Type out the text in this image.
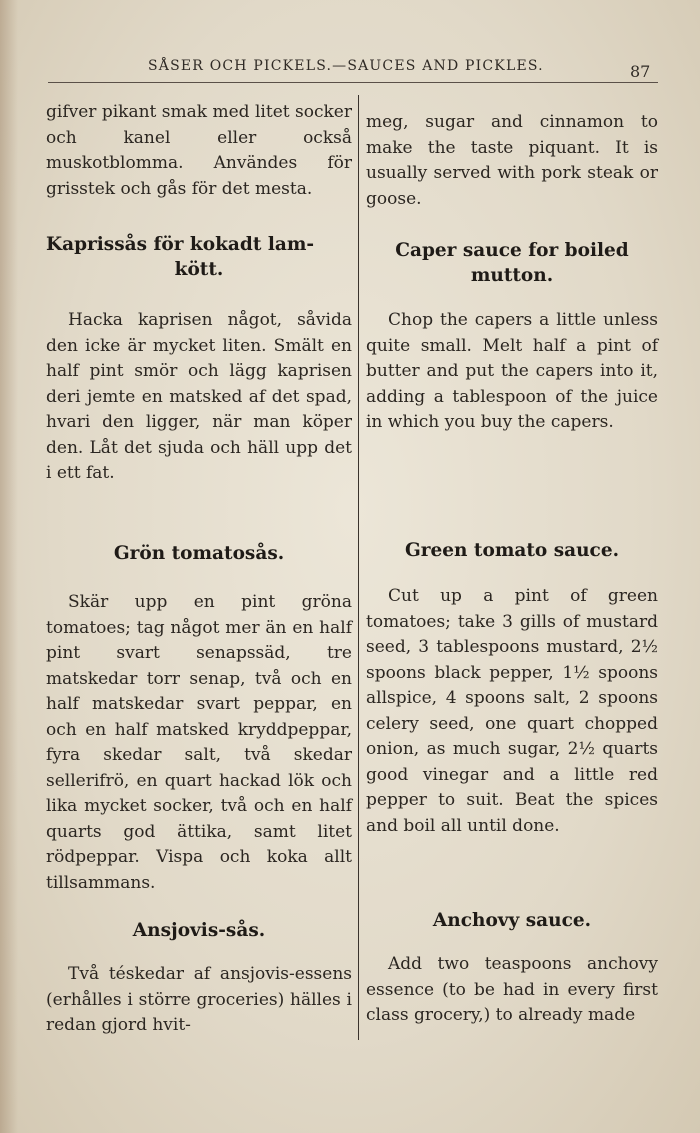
SÅSER OCH PICKELS.—SAUCES AND PICKLES.	87

gifver pikant smak med litet socker och kanel eller också muskotblomma. Användes för grisstek och gås för det mesta.

Kaprissås för kokadt lam-
kött.

Hacka kaprisen något, såvida den icke är mycket liten. Smält en half pint smör och lägg kaprisen deri jemte en matsked af det spad, hvari den ligger, när man köper den. Låt det sjuda och häll upp det i ett fat.

Grön tomatosås.

Skär upp en pint gröna tomatoes; tag något mer än en half pint svart senapssäd, tre matskedar torr senap, två och en half matskedar svart peppar, en och en half matsked kryddpeppar, fyra skedar salt, två skedar sellerifrö, en quart hackad lök och lika mycket socker, två och en half quarts god ättika, samt litet rödpeppar. Vispa och koka allt tillsammans.

Ansjovis-sås.

Två téskedar af ansjovis-essens (erhålles i större groceries) hälles i redan gjord hvit-

meg, sugar and cinnamon to make the taste piquant. It is usually served with pork steak or goose.

Caper sauce for boiled
mutton.

Chop the capers a little unless quite small. Melt half a pint of butter and put the capers into it, adding a tablespoon of the juice in which you buy the capers.

Green tomato sauce.

Cut up a pint of green tomatoes; take 3 gills of mustard seed, 3 tablespoons mustard, 2½ spoons black pepper, 1½ spoons allspice, 4 spoons salt, 2 spoons celery seed, one quart chopped onion, as much sugar, 2½ quarts good vinegar and a little red pepper to suit. Beat the spices and boil all until done.

Anchovy sauce.

Add two teaspoons anchovy essence (to be had in every first class grocery,) to already made
